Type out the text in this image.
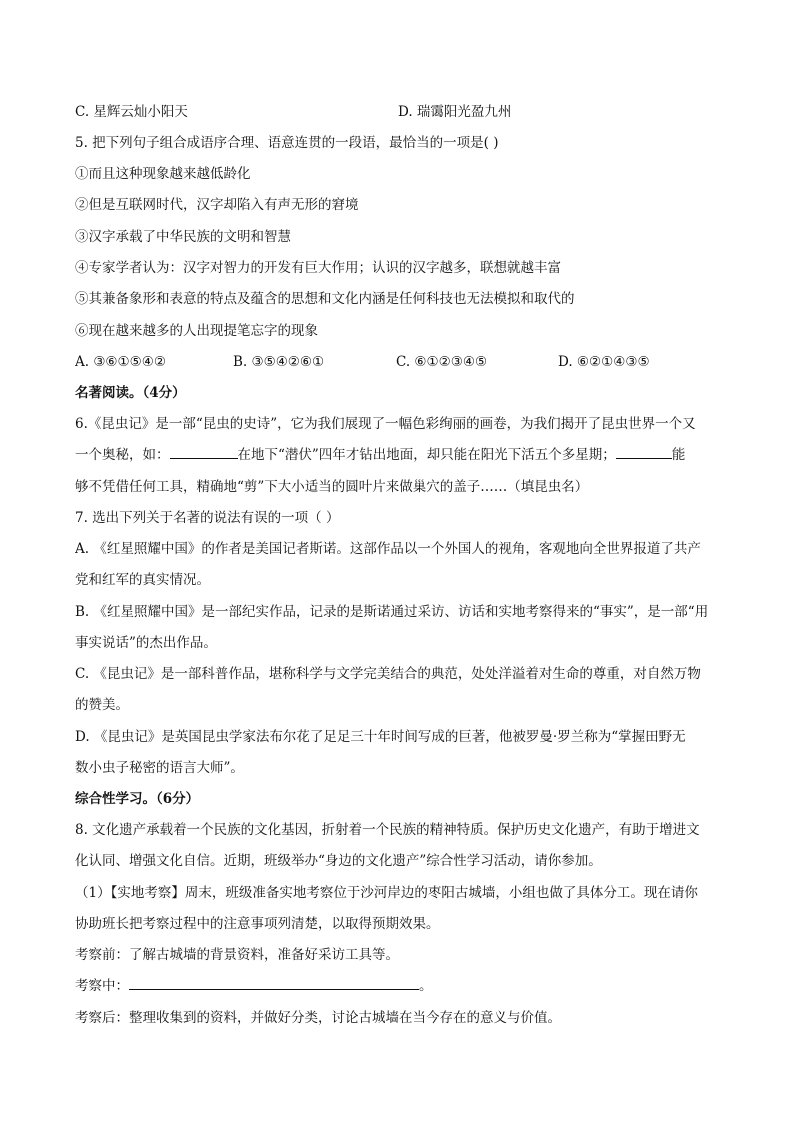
C. 星辉云灿小阳天	D. 瑞霭阳光盈九州
5. 把下列句子组合成语序合理、语意连贯的一段语，最恰当的一项是( )
①而且这种现象越来越低龄化
②但是互联网时代，汉字却陷入有声无形的窘境
③汉字承载了中华民族的文明和智慧
④专家学者认为：汉字对智力的开发有巨大作用；认识的汉字越多，联想就越丰富
⑤其兼备象形和表意的特点及蕴含的思想和文化内涵是任何科技也无法模拟和取代的
⑥现在越来越多的人出现提笔忘字的现象
A. ③⑥①⑤④②	B. ③⑤④②⑥①	C. ⑥①②③④⑤	D. ⑥②①④③⑤
名著阅读。（4分）
6.《昆虫记》是一部“昆虫的史诗”，它为我们展现了一幅色彩绚丽的画卷，为我们揭开了昆虫世界一个又
一个奥秘，如：	在地下“潜伏”四年才钻出地面，却只能在阳光下活五个多星期；	能
够不凭借任何工具，精确地“剪”下大小适当的圆叶片来做巢穴的盖子……（填昆虫名）
7. 选出下列关于名著的说法有误的一项（ ）
A. 《红星照耀中国》的作者是美国记者斯诺。这部作品以一个外国人的视角，客观地向全世界报道了共产
党和红军的真实情况。
B. 《红星照耀中国》是一部纪实作品，记录的是斯诺通过采访、访话和实地考察得来的“事实”，是一部“用
事实说话”的杰出作品。
C. 《昆虫记》是一部科普作品，堪称科学与文学完美结合的典范，处处洋溢着对生命的尊重，对自然万物
的赞美。
D. 《昆虫记》是英国昆虫学家法布尔花了足足三十年时间写成的巨著，他被罗曼·罗兰称为“掌握田野无
数小虫子秘密的语言大师”。
综合性学习。（6分）
8. 文化遗产承载着一个民族的文化基因，折射着一个民族的精神特质。保护历史文化遗产，有助于增进文
化认同、增强文化自信。近期，班级举办“身边的文化遗产”综合性学习活动，请你参加。
（1）【实地考察】周末，班级准备实地考察位于沙河岸边的枣阳古城墙，小组也做了具体分工。现在请你
协助班长把考察过程中的注意事项列清楚，以取得预期效果。
考察前：了解古城墙的背景资料，准备好采访工具等。
考察中：	。
考察后：整理收集到的资料，并做好分类，讨论古城墙在当今存在的意义与价值。
